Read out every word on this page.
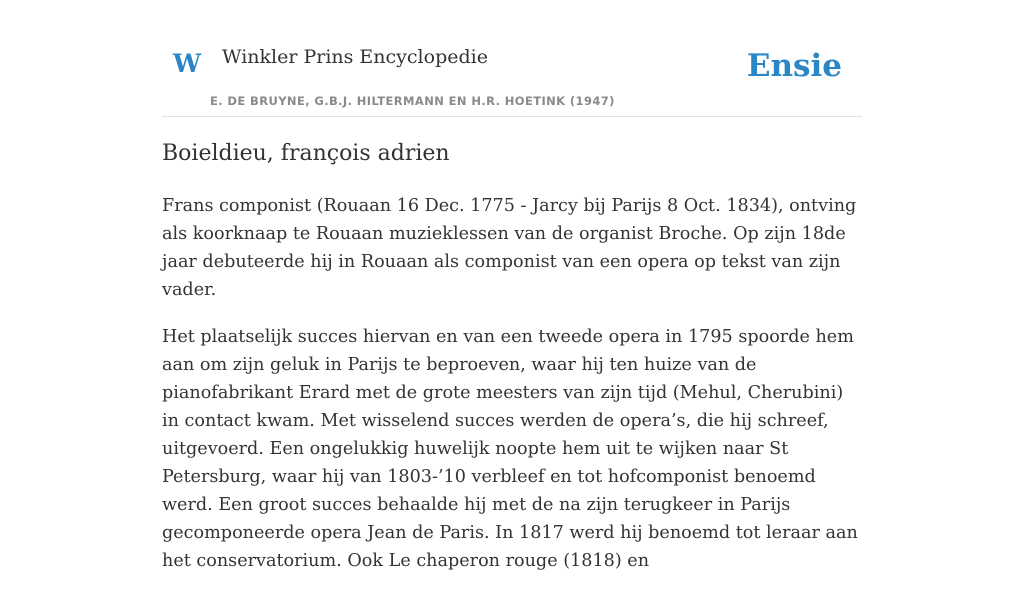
W Winkler Prins Encyclopedie
E. DE BRUYNE, G.B.J. HILTERMANN EN H.R. HOETINK (1947)
Ensie
Boieldieu, françois adrien

Frans componist (Rouaan 16 Dec. 1775 - Jarcy bij Parijs 8 Oct. 1834), ontving als koorknaap te Rouaan muzieklessen van de organist Broche. Op zijn 18de jaar debuteerde hij in Rouaan als componist van een opera op tekst van zijn vader.

Het plaatselijk succes hiervan en van een tweede opera in 1795 spoorde hem aan om zijn geluk in Parijs te beproeven, waar hij ten huize van de pianofabrikant Erard met de grote meesters van zijn tijd (Mehul, Cherubini) in contact kwam. Met wisselend succes werden de opera’s, die hij schreef, uitgevoerd. Een ongelukkig huwelijk noopte hem uit te wijken naar St Petersburg, waar hij van 1803-’10 verbleef en tot hofcomponist benoemd werd. Een groot succes behaalde hij met de na zijn terugkeer in Parijs gecomponeerde opera Jean de Paris. In 1817 werd hij benoemd tot leraar aan het conservatorium. Ook Le chaperon rouge (1818) en
